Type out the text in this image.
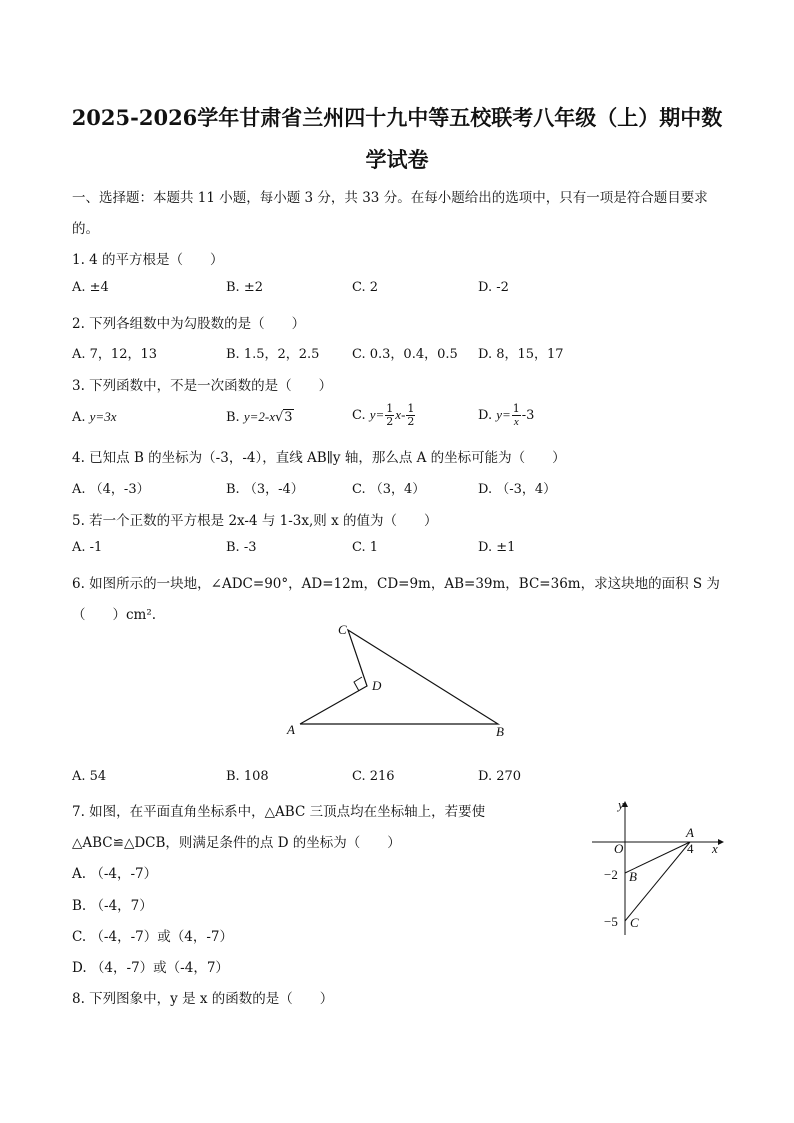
2025-2026学年甘肃省兰州四十九中等五校联考八年级（上）期中数
学试卷
一、选择题：本题共 11 小题，每小题 3 分，共 33 分。在每小题给出的选项中，只有一项是符合题目要求
的。
1. 4 的平方根是（　　）
A. ±4	B. ±2	C. 2	D. -2
2. 下列各组数中为勾股数的是（　　）
A. 7，12，13	B. 1.5，2，2.5	C. 0.3，0.4，0.5 D. 8，15，17
3. 下列函数中，不是一次函数的是（　　）
A. y=3x	B. y=2-x√3	C. $y= \frac{1}{2} x- \frac{1}{2}$	D. $y= \frac{1}{x} -3$
4. 已知点 B 的坐标为（-3，-4），直线 AB∥y 轴，那么点 A 的坐标可能为（　　）
A. （4，-3）	B. （3，-4）	C. （3，4）	D. （-3，4）
5. 若一个正数的平方根是 2x-4 与 1-3x,则 x 的值为（　　）
A. -1	B. -3	C. 1	D. ±1
6. 如图所示的一块地，∠ADC=90°，AD=12m，CD=9m，AB=39m，BC=36m，求这块地的面积 S 为
（　　）cm².
C
D
A	B
A. 54	B. 108	C. 216	D. 270
7. 如图，在平面直角坐标系中，△ABC 三顶点均在坐标轴上，若要使
△ABC≌△DCB，则满足条件的点 D 的坐标为（　　）
A. （-4，-7）
B. （-4，7）
C. （-4，-7）或（4，-7）
D. （4，-7）或（-4，7）
y
x
O
A
4
−2 B
−5 C
8. 下列图象中，y 是 x 的函数的是（　　）
